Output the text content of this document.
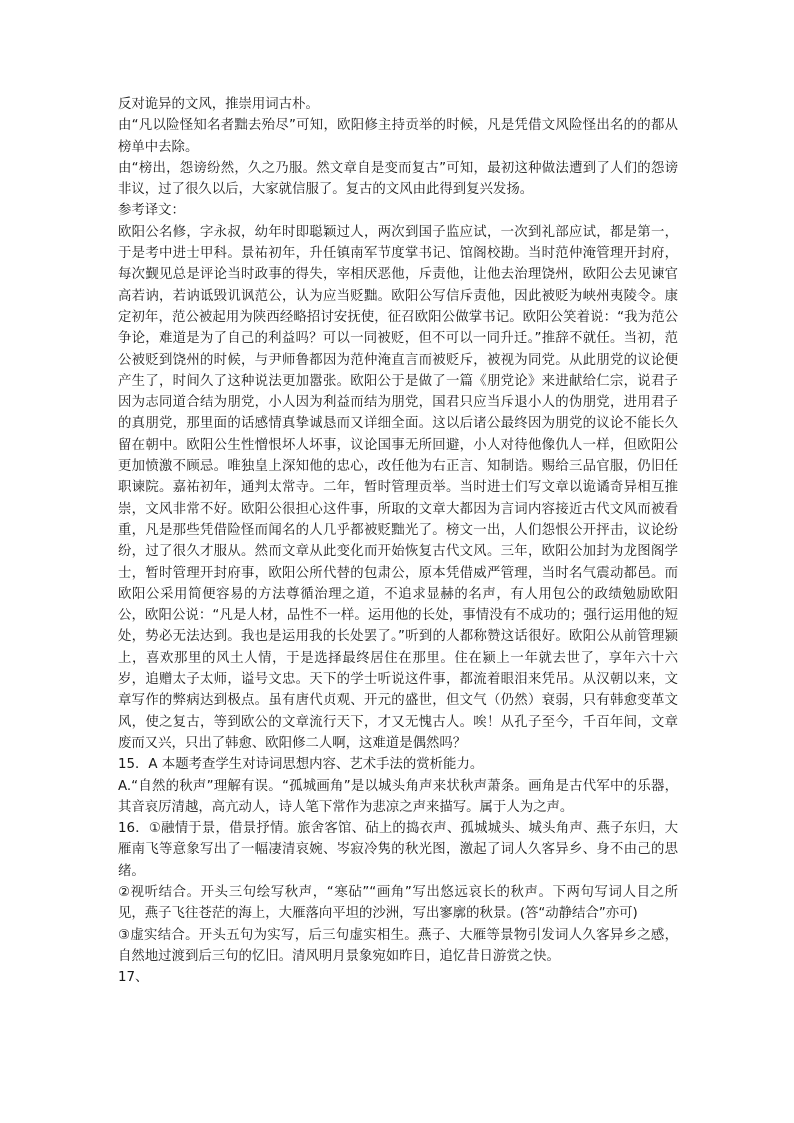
反对诡异的文风，推崇用词古朴。

由“凡以险怪知名者黜去殆尽”可知，欧阳修主持贡举的时候，凡是凭借文风险怪出名的的都从榜单中去除。

由“榜出，怨谤纷然，久之乃服。然文章自是变而复古”可知，最初这种做法遭到了人们的怨谤非议，过了很久以后，大家就信服了。复古的文风由此得到复兴发扬。

参考译文：

欧阳公名修，字永叔，幼年时即聪颖过人，两次到国子监应试，一次到礼部应试，都是第一，于是考中进士甲科。景祐初年，升任镇南军节度掌书记、馆阁校勘。当时范仲淹管理开封府，每次觐见总是评论当时政事的得失，宰相厌恶他，斥责他，让他去治理饶州，欧阳公去见谏官高若讷，若讷诋毁讥讽范公，认为应当贬黜。欧阳公写信斥责他，因此被贬为峡州夷陵令。康定初年，范公被起用为陕西经略招讨安抚使，征召欧阳公做掌书记。欧阳公笑着说：“我为范公争论，难道是为了自己的利益吗？可以一同被贬，但不可以一同升迁。”推辞不就任。当初，范公被贬到饶州的时候，与尹师鲁都因为范仲淹直言而被贬斥，被视为同党。从此朋党的议论便产生了，时间久了这种说法更加嚣张。欧阳公于是做了一篇《朋党论》来进献给仁宗，说君子因为志同道合结为朋党，小人因为利益而结为朋党，国君只应当斥退小人的伪朋党，进用君子的真朋党，那里面的话感情真挚诚恳而又详细全面。这以后诸公最终因为朋党的议论不能长久留在朝中。欧阳公生性憎恨坏人坏事，议论国事无所回避，小人对待他像仇人一样，但欧阳公更加愤激不顾忌。唯独皇上深知他的忠心，改任他为右正言、知制诰。赐给三品官服，仍旧任职谏院。嘉祐初年，通判太常寺。二年，暂时管理贡举。当时进士们写文章以诡谲奇异相互推崇，文风非常不好。欧阳公很担心这件事，所取的文章大都因为言词内容接近古代文风而被看重，凡是那些凭借险怪而闻名的人几乎都被贬黜光了。榜文一出，人们怨恨公开抨击，议论纷纷，过了很久才服从。然而文章从此变化而开始恢复古代文风。三年，欧阳公加封为龙图阁学士，暂时管理开封府事，欧阳公所代替的包肃公，原本凭借威严管理，当时名气震动都邑。而欧阳公采用简便容易的方法尊循治理之道，不追求显赫的名声，有人用包公的政绩勉励欧阳公，欧阳公说：“凡是人材，品性不一样。运用他的长处，事情没有不成功的；强行运用他的短处，势必无法达到。我也是运用我的长处罢了。”听到的人都称赞这话很好。欧阳公从前管理颍上，喜欢那里的风土人情，于是选择最终居住在那里。住在颍上一年就去世了，享年六十六岁，追赠太子太师，谥号文忠。天下的学士听说这件事，都流着眼泪来凭吊。从汉朝以来，文章写作的弊病达到极点。虽有唐代贞观、开元的盛世，但文气（仍然）衰弱，只有韩愈变革文风，使之复古，等到欧公的文章流行天下，才又无愧古人。唉！从孔子至今，千百年间，文章废而又兴，只出了韩愈、欧阳修二人啊，这难道是偶然吗？

15．A 本题考查学生对诗词思想内容、艺术手法的赏析能力。

A.“自然的秋声”理解有误。“孤城画角”是以城头角声来状秋声萧条。画角是古代军中的乐器，其音哀厉清越，高亢动人，诗人笔下常作为悲凉之声来描写。属于人为之声。

16．①融情于景，借景抒情。旅舍客馆、砧上的捣衣声、孤城城头、城头角声、燕子东归，大雁南飞等意象写出了一幅凄清哀婉、岑寂冷隽的秋光图，激起了词人久客异乡、身不由己的思绪。

②视听结合。开头三句绘写秋声，“寒砧”“画角”写出悠远哀长的秋声。下两句写词人目之所见，燕子飞往苍茫的海上，大雁落向平坦的沙洲，写出寥廓的秋景。(答“动静结合”亦可)

③虚实结合。开头五句为实写，后三句虚实相生。燕子、大雁等景物引发词人久客异乡之感，自然地过渡到后三句的忆旧。清风明月景象宛如昨日，追忆昔日游赏之快。

17、
